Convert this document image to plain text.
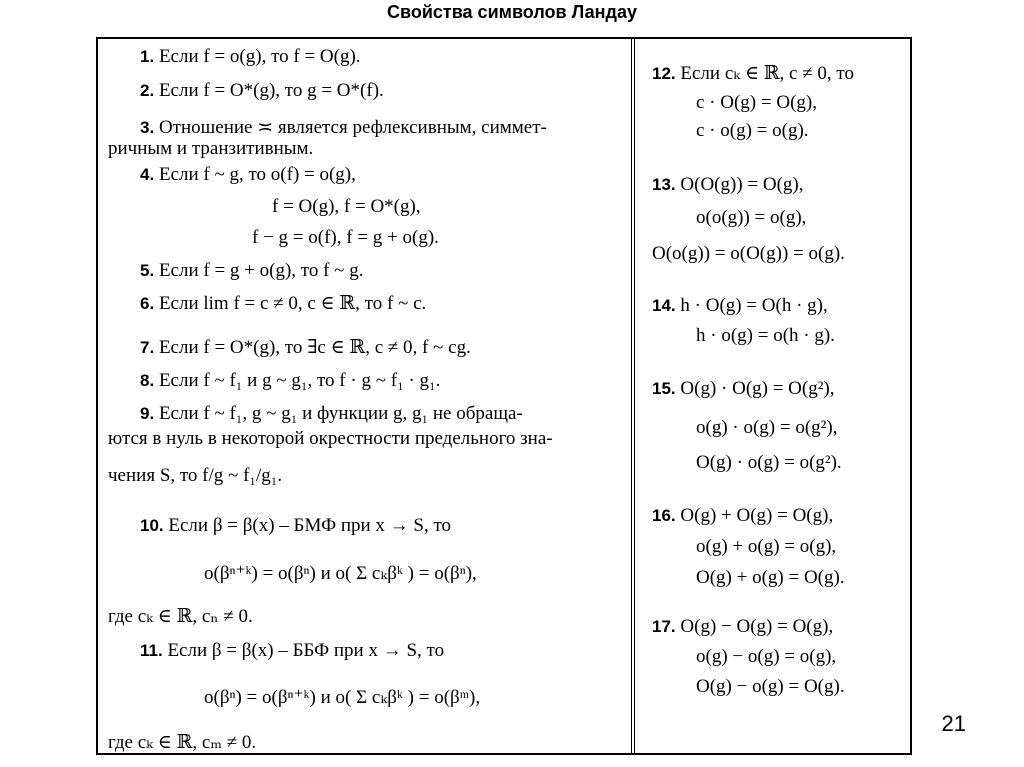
Свойства символов Ландау
1. Если f = o(g), то f = O(g).
2. Если f = O*(g), то g = O*(f).
3. Отношение ≍ является рефлексивным, симмет-
ричным и транзитивным.
4. Если f ~ g, то o(f) = o(g),
f = O(g), f = O*(g),
f − g = o(f), f = g + o(g).
5. Если f = g + o(g), то f ~ g.
6. Если lim f = c ≠ 0, c ∈ ℝ, то f ~ c.
7. Если f = O*(g), то ∃c ∈ ℝ, c ≠ 0, f ~ cg.
8. Если f ~ f₁ и g ~ g₁, то f · g ~ f₁ · g₁.
9. Если f ~ f₁, g ~ g₁ и функции g, g₁ не обраща-
ются в нуль в некоторой окрестности предельного зна-
чения S, то f/g ~ f₁/g₁.
10. Если β = β(x) – БМФ при x → S, то
o(βⁿ⁺ᵏ) = o(βⁿ) и o( Σ cₖβᵏ ) = o(βⁿ),
где cₖ ∈ ℝ, cₙ ≠ 0.
11. Если β = β(x) – ББФ при x → S, то
o(βⁿ) = o(βⁿ⁺ᵏ) и o( Σ cₖβᵏ ) = o(βᵐ),
где cₖ ∈ ℝ, cₘ ≠ 0.
12. Если cₖ ∈ ℝ, c ≠ 0, то
c · O(g) = O(g),
c · o(g) = o(g).
13. O(O(g)) = O(g),
o(o(g)) = o(g),
O(o(g)) = o(O(g)) = o(g).
14. h · O(g) = O(h · g),
h · o(g) = o(h · g).
15. O(g) · O(g) = O(g²),
o(g) · o(g) = o(g²),
O(g) · o(g) = o(g²).
16. O(g) + O(g) = O(g),
o(g) + o(g) = o(g),
O(g) + o(g) = O(g).
17. O(g) − O(g) = O(g),
o(g) − o(g) = o(g),
O(g) − o(g) = O(g).
21
